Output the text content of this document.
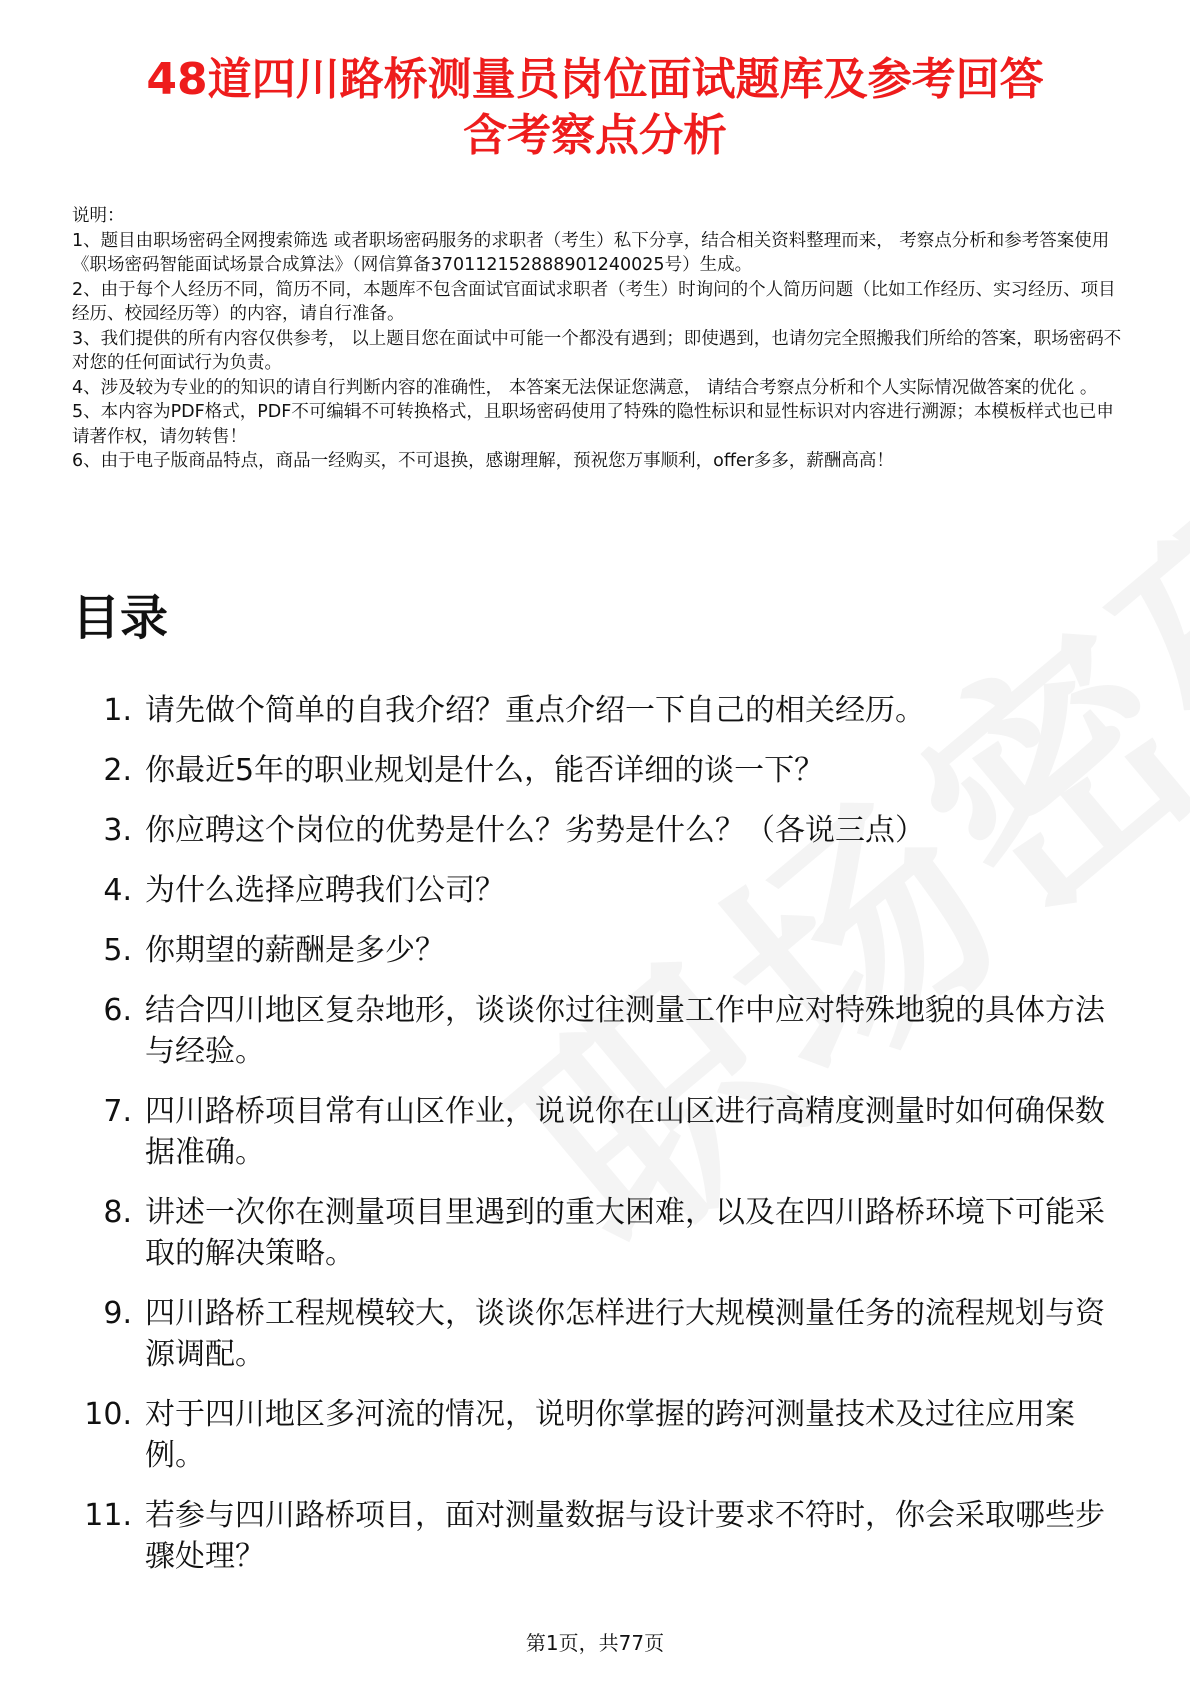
48道四川路桥测量员岗位面试题库及参考回答
含考察点分析

说明：

1、题目由职场密码全网搜索筛选 或者职场密码服务的求职者（考生）私下分享，结合相关资料整理而来， 考察点分析和参考答案使用《职场密码智能面试场景合成算法》（网信算备370112152888901240025号）生成。

2、由于每个人经历不同，简历不同，本题库不包含面试官面试求职者（考生）时询问的个人简历问题（比如工作经历、实习经历、项目经历、校园经历等）的内容，请自行准备。

3、我们提供的所有内容仅供参考， 以上题目您在面试中可能一个都没有遇到；即使遇到，也请勿完全照搬我们所给的答案，职场密码不对您的任何面试行为负责。

4、涉及较为专业的的知识的请自行判断内容的准确性， 本答案无法保证您满意， 请结合考察点分析和个人实际情况做答案的优化 。

5、本内容为PDF格式，PDF不可编辑不可转换格式，且职场密码使用了特殊的隐性标识和显性标识对内容进行溯源；本模板样式也已申请著作权，请勿转售！

6、由于电子版商品特点，商品一经购买，不可退换，感谢理解，预祝您万事顺利，offer多多，薪酬高高！

目录
1. 请先做个简单的自我介绍？重点介绍一下自己的相关经历。
2. 你最近5年的职业规划是什么，能否详细的谈一下？
3. 你应聘这个岗位的优势是什么？劣势是什么？（各说三点）
4. 为什么选择应聘我们公司？
5. 你期望的薪酬是多少？
6. 结合四川地区复杂地形，谈谈你过往测量工作中应对特殊地貌的具体方法与经验。
7. 四川路桥项目常有山区作业，说说你在山区进行高精度测量时如何确保数据准确。
8. 讲述一次你在测量项目里遇到的重大困难，以及在四川路桥环境下可能采取的解决策略。
9. 四川路桥工程规模较大，谈谈你怎样进行大规模测量任务的流程规划与资源调配。
10. 对于四川地区多河流的情况，说明你掌握的跨河测量技术及过往应用案例。
11. 若参与四川路桥项目，面对测量数据与设计要求不符时，你会采取哪些步骤处理？
第1页，共77页
